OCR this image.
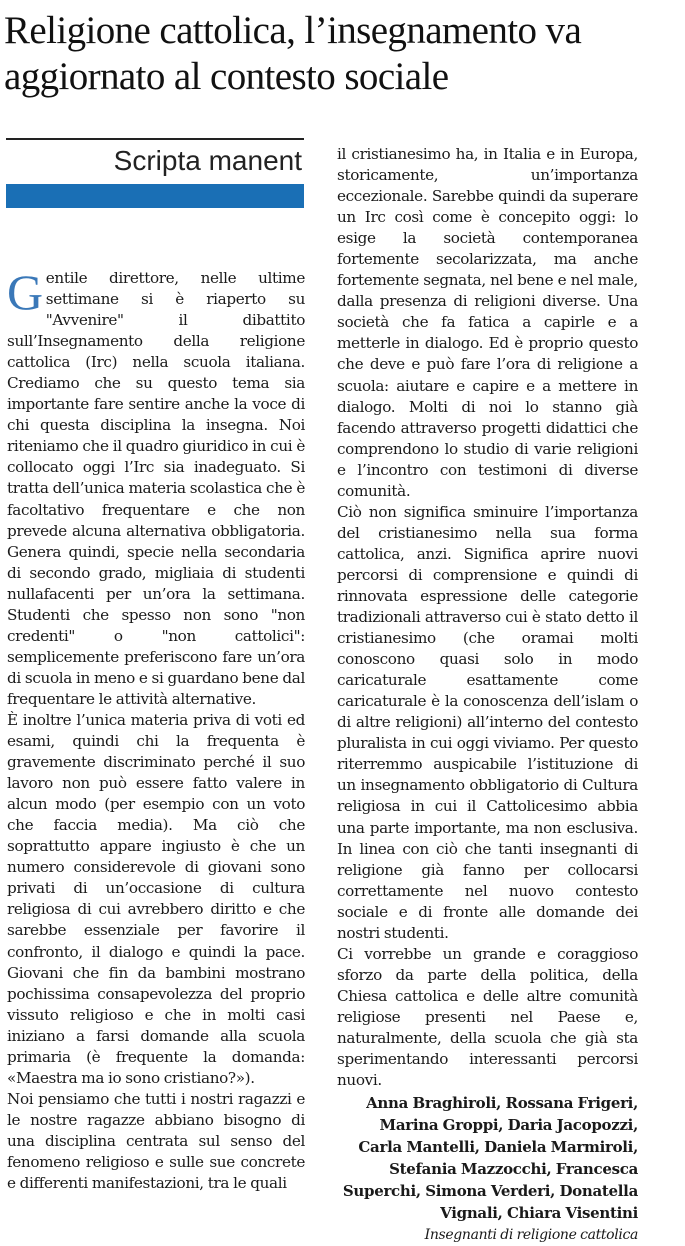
Religione cattolica, l’insegnamento va aggiornato al contesto sociale
Scripta manent

Gentile direttore, nelle ultime settimane si è riaperto su "Avvenire" il dibattito sull’Insegnamento della religione cattolica (Irc) nella scuola italiana. Crediamo che su questo tema sia importante fare sentire anche la voce di chi questa disciplina la insegna. Noi riteniamo che il quadro giuridico in cui è collocato oggi l’Irc sia inadeguato. Si tratta dell’unica materia scolastica che è facoltativo frequentare e che non prevede alcuna alternativa obbligatoria. Genera quindi, specie nella secondaria di secondo grado, migliaia di studenti nullafacenti per un’ora la settimana. Studenti che spesso non sono "non credenti" o "non cattolici": semplicemente preferiscono fare un’ora di scuola in meno e si guardano bene dal frequentare le attività alternative.

È inoltre l’unica materia priva di voti ed esami, quindi chi la frequenta è gravemente discriminato perché il suo lavoro non può essere fatto valere in alcun modo (per esempio con un voto che faccia media). Ma ciò che soprattutto appare ingiusto è che un numero considerevole di giovani sono privati di un’occasione di cultura religiosa di cui avrebbero diritto e che sarebbe essenziale per favorire il confronto, il dialogo e quindi la pace. Giovani che fin da bambini mostrano pochissima consapevolezza del proprio vissuto religioso e che in molti casi iniziano a farsi domande alla scuola primaria (è frequente la domanda: «Maestra ma io sono cristiano?»).

Noi pensiamo che tutti i nostri ragazzi e le nostre ragazze abbiano bisogno di una disciplina centrata sul senso del fenomeno religioso e sulle sue concrete e differenti manifestazioni, tra le quali

il cristianesimo ha, in Italia e in Europa, storicamente, un’importanza eccezionale. Sarebbe quindi da superare un Irc così come è concepito oggi: lo esige la società contemporanea fortemente secolarizzata, ma anche fortemente segnata, nel bene e nel male, dalla presenza di religioni diverse. Una società che fa fatica a capirle e a metterle in dialogo. Ed è proprio questo che deve e può fare l’ora di religione a scuola: aiutare e capire e a mettere in dialogo. Molti di noi lo stanno già facendo attraverso progetti didattici che comprendono lo studio di varie religioni e l’incontro con testimoni di diverse comunità.

Ciò non significa sminuire l’importanza del cristianesimo nella sua forma cattolica, anzi. Significa aprire nuovi percorsi di comprensione e quindi di rinnovata espressione delle categorie tradizionali attraverso cui è stato detto il cristianesimo (che oramai molti conoscono quasi solo in modo caricaturale esattamente come caricaturale è la conoscenza dell’islam o di altre religioni) all’interno del contesto pluralista in cui oggi viviamo. Per questo riterremmo auspicabile l’istituzione di un insegnamento obbligatorio di Cultura religiosa in cui il Cattolicesimo abbia una parte importante, ma non esclusiva. In linea con ciò che tanti insegnanti di religione già fanno per collocarsi correttamente nel nuovo contesto sociale e di fronte alle domande dei nostri studenti.

Ci vorrebbe un grande e coraggioso sforzo da parte della politica, della Chiesa cattolica e delle altre comunità religiose presenti nel Paese e, naturalmente, della scuola che già sta sperimentando interessanti percorsi nuovi.

Anna Braghiroli, Rossana Frigeri,
Marina Groppi, Daria Jacopozzi,
Carla Mantelli, Daniela Marmiroli,
Stefania Mazzocchi, Francesca
Superchi, Simona Verderi, Donatella
Vignali, Chiara Visentini
Insegnanti di religione cattolica
